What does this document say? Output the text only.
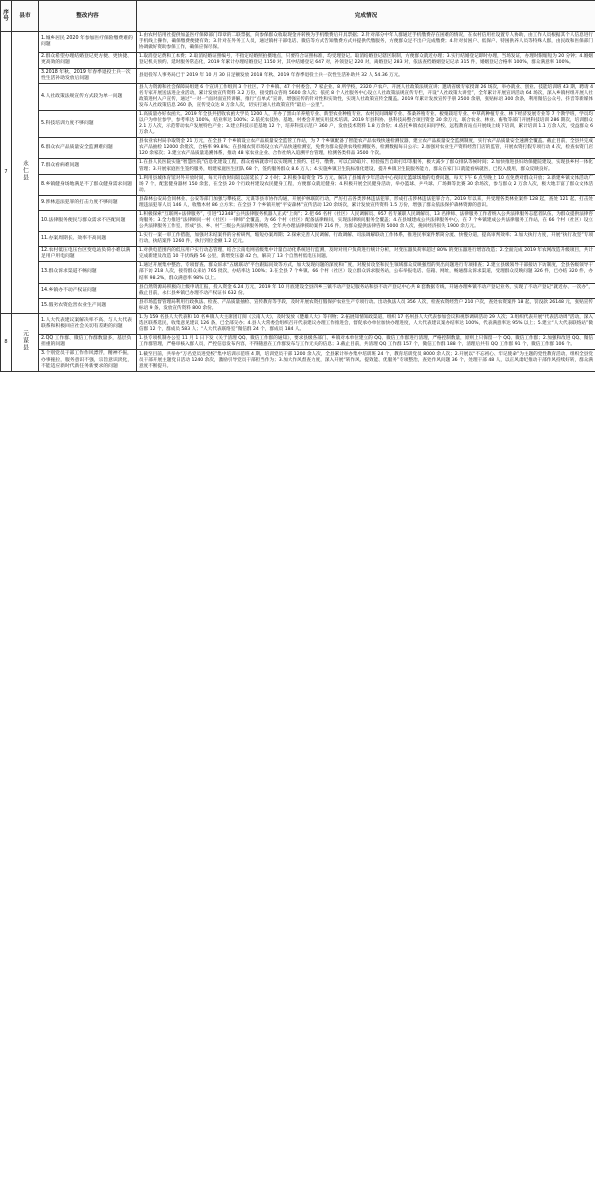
序号	县市	整改内容	完成情况
7	永仁县	1.城乡居民 2020 年参加医疗保险缴费难的问题	1.由农村信用社提供加盖医疗保障部门印章的二联票据，向参保群众收取现金并转换为手机缴费后开具票据；2.针对部分中年人群通过手机缴费存在困难的情况，在农村信用社设置专人协助，由工作人员根据其个人信息进行手机线上操作，确保缴费便捷有效；3.针对在外务工人员，通过镇村干部电话、微信等方式告知缴费方式并提供代缴服务，方便群众足不出户完成缴费；4.针对贫困户、低保户、特困供养人员等特殊人群，由民政和医保部门协调做好资助参保工作，确保应保尽保。
		2.群众希望办理结婚登记更方便、更快捷、更高效的问题	1.取消登记费和工本费；2.取消结婚证照编号，不指定结婚照拍摄地点，只要符合证照标准，均受理登记。取消结婚登记辖区限制，方便群众就近办理；3.实行结婚登记即时办理，当场发证，办理时限缩短为 20 分钟；4.婚姻登记机关预约、延时服务常态化，2019 年累计办理结婚登记 1150 对，其中结婚登记 647 对，补领登记 220 对，离婚登记 283 对，依法查档婚姻登记记录 315 件，婚姻登记合格率 100%，群众满意率 100%。
		3.2018 年秋、2019 年春季退役士兵一次性生活补助发放后问题	县退役军人事务局已于 2019 年 10 月 30 日足额发放 2018 年秋、2019 年春季退役士兵一次性生活补助共 32 人 54.36 万元。
		4.人社政策法规宣传方式较为单一问题	县人力资源和社会保障局组建 6 个宣讲工作组到 3 个社区、7 个乡镇、47 个村委会、7 家企业、8 所学校，2320 户农户、开展人社政策法规宣讲；邀请省级专家授课 26 场次，举办就业、创业、技能培训班 43 期，聘请 4 名专家开展送法进企业活动，累计发放宣传资料 3.2 万份，接受群众咨询 5600 余人次；依托 8 个人社服务中心设立人社政策法规宣传专栏，开设“人社政策大讲堂”，全年累计开展宣讲活动 64 场次，深入乡镇村组开展人社政策进村入户宣传，通过“一对一”面对面宣传讲解，推行“点单式”宣讲，增强宣传的针对性和实效性，实现人社政策宣传全覆盖。2019 年累计发放宣传手册 2500 余册，张贴标语 300 余条，利用微信公众号、抖音等新媒体发布人社政策信息 260 条，宣传受众达 8 万余人次，切实打通人社政策宣传“最后一公里”。
		5.科技培训力度不够问题	1.高质量办好农函大。2019 年全县共招收农函大学员 1200 人，开办了黑山羊养殖专业、新型农业种植专业、农村民间调解专业、茶桑养殖专业、板栗栽培专业、中草药种植专业、林下经济发展专业等 7 个教学班，学员均以户为单位参学，参考率达 100%，结业率达 100%；2.依托农技协、基地，村委会开展实用技术培训。2019 年县科协、县科技局整合项目资金 30 余万元，联合农业、林业、畜牧等部门开展科技培训 286 期次，培训群众 2.1 万人次，示范带动农户发展特色产业；3.建立科技示范基地 12 个，培养科技示范户 360 户，发放技术资料 1.8 万余份；4.依托乡镇农民田间学校、远程教育站点开展线上线下培训，累计培训 1.1 万余人次，受益群众 6 万余人。
		6.群众农产品质量安全监测难问题	县农业农村局争取资金 21 万元，在全县 7 个乡镇设立农产品质量安全监管工作站，为 7 个乡镇配备了智能农产品农残快速检测仪器，建立农产品质量安全监测制度，实行农产品质量安全速测全覆盖。截止目前，全县共完成农产品抽检 12000 余批次，合格率 99.8%；在县城农贸市场设立农产品快速检测室，免费为群众提供农残检测服务，检测数据每日公示；2.加强对农业生产资料经营门店的监管，开展农资打假专项行动 4 次，检查农资门店 120 余家次；3.建立农产品质量追溯体系，推动 48 家农业企业、合作社纳入追溯平台管理，检测各类样品 3500 个次。
		7.群众看病难问题	1.在县人民医院实施“智慧医院”信息化建设工程，群众看病就诊可以实现网上预约、挂号、缴费、可以自助取片、检验报告自助打印等服务，极大减少了群众排队等候时间；2.加快推进县妇幼保健院建设，实现县乡村一体化管理；3.开展家庭医生签约服务，组建家庭医生团队 68 个，签约服务群众 8.6 万人；4.实施乡镇卫生院标准化建设，提升乡镇卫生院服务能力，群众在家门口就能看病就医，已投入使用，群众反映良好。
		8.乡镇健身场地满足不了群众健身需求问题	1.利用县城体育馆对外开放时间，每天开放时间较以前延长了 2 小时；2.积极争取资金 75 万元，解决了县城青少年活动中心夜间无篮球场地的电费问题，每天下午 6 点至晚上 10 点免费对群众开放；3.新建乡镇文体活动广场 7 个，配套健身器材 150 余套，在全县 20 个行政村建设农民健身工程，方便群众就近健身；4.积极开展全民健身活动，举办篮球、乒乓球、广场舞等比赛 30 余场次，参与群众 2 万余人次，极大地丰富了群众文体活动。
		9.涉林违法犯罪的打击力度不够问题	县森林公安局会同林业、公安等部门加强与攀枝花、元谋等县市协作沟通，开展护林联防行动，严厉打击各类涉林违法犯罪，形成打击涉林违法犯罪合力。2019 年以来，共受理各类林业案件 128 起，查处 121 起，打击处理违法犯罪人员 146 人，收缴木材 86 立方米；在全县 7 个乡镇开展“平安森林”宣传活动 120 余场次，累计发放宣传资料 1.5 万份，增强了群众依法保护森林资源的意识。
		10.法律服务便民与群众需求不匹配问题	1.积极探索“互联网+法律服务”，引进“12348”公共法律服务机器人正式“上岗”；2.把 66 名村（社区）人民调解员、957 名专兼职人民调解员、13 名律师、法律服务工作者纳入公共法律服务志愿者队伍，为群众提供法律咨询服务；3.全力推进“法律顾问一村（社区）一律师”全覆盖，为 66 个村（社区）配备法律顾问，实现法律顾问服务全覆盖；4.在县城建成公共法律服务中心，在 7 个乡镇建成公共法律服务工作站，在 66 个村（社区）设立公共法律服务工作室，形成“县、乡、村”三级公共法律服务网络，全年共办理法律援助案件 216 件，为群众提供法律咨询 5000 余人次，挽回经济损失 1900 余万元。
		11.办案周期长、效率不高问题	1.实行一案一审工作措施，加强对未结案件的分析研判，缩短办案周期；2.探索完善人民调解、行政调解、司法调解联动工作体系，推进民事案件繁简分流、快慢分道，提高审判效率；3.加大执行力度，开展“执行攻坚”专项行动，执结案件 1260 件，执行到位金额 1.2 亿元。
		12.农村低压电压台区变电站负荷小难以满足用户用电问题	1.对供电范围内的低压用户实行动态管理，结合云南电网省级集中计量自动化系统进行监测，及时对用户负荷进行统计分析，对变压器负荷率超过 80% 的变压器进行增容改造；2.全面完成 2019 年农网改造升级项目，共计完成新建及改造 10 千伏线路 56 公里，新增变压器 42 台，解决了 13 个自然村低电压问题。
		13.群众诉求渠道不畅问题	1.通过开展集中整治、专项督查、群众诉求“五级联动”平台跟踪问效等方式，加大发现问题的深度和广度，对脱贫攻坚和民生领域群众反映强烈的突出问题进行专项排查；2.建立县级领导干部接访下访制度，全县各级领导干部下访 218 人次，接待群众来访 765 批次，办结率达 100%；3.在全县 7 个乡镇、66 个村（社区）设立群众诉求服务站，公布举报电话、信箱、网址，畅通群众诉求渠道，受理群众反映问题 326 件，已办结 320 件，办结率 98.2%，群众满意率 98% 以上。
		14.乡镇办不动产权证问题	县自然资源局积极向上级申请汇报，投入资金 6.24 万元，2019 年 10 月底建设全县四乡三镇不动产登记服务站和县不动产登记中心共 8 套数据专线，开通办理乡镇不动产登记业务，实现了不动产登记“就近办、一次办”，截止目前，永仁县乡镇已办理不动产权证书 632 份。
		15.假劣农资危害农业生产问题	县市场监督管理局利用行政执法、检查、产品质量抽检、宣传教育等手段，及时开展农资打假保护农业生产专项行动。出动执法人员 356 人次，检查农资经营户 210 户次，查处农资案件 18 起，罚没款 26148 元，张贴宣传标语 9 条，发放宣传资料 800 余份。
8	元谋县	1.人大代表建议案解决率不高、与人大代表联系和积极回应社会关切有差距的问题	1.为 159 名县人大代表和 10 名乡镇人大主席团订阅《云南人大》，及时发放《楚雄人大》等刊物；2.拓展知情知政渠道，组织 17 名州县人大代表参加会议和视察调研活动 29 人次；3.组织代表开展“代表活动周”活动，深入选区联系选民，收集意见建议 126 条，已全部交办；4.县人大常委会组织召开代表建议办理工作推进会，督促承办单位加快办理进度，人大代表建议案办结率达 100%，代表满意率达 95% 以上；5.建立“人大代表联络站”微信群 12 个，群成员 583 人；“人大代表联络室”微信群 24 个，群成员 184 人。
		2.QQ 工作群、微信工作群数量多，基层负担重的问题	1.县专项机制办公室 11 月 1 日下发《关于清理 QQ、微信工作群的通知》，要求县级各部门、乡镇对本单位建立的 QQ、微信工作群进行清理，严格控制数量，原则上只保留一个 QQ、微信工作群；2.加强和改进 QQ、微信工作群管理，严格审核入群人员，严控信息发布内容，不得随意在工作群发布与工作无关的信息；3.截止目前，共清理 QQ 工作群 157 个，微信工作群 188 个，清理后共有 QQ 工作群 91 个，微信工作群 106 个。
		3.个别党员干部工作作风漂浮，精神不振，办事拖拉，服务意识不强，宗旨意识淡化，不能适应新时代新任务新要求的问题	1.截至目前，共举办“万名党员进党校”集中培训示范班 4 期，培训党员干部 1200 余人次，全县累计举办集中培训班 24 个，教育培训党员 8000 余人次；2.开展以“不忘初心、牢记使命”为主题的党性教育活动，组织全县党员干部开展主题党日活动 1240 余次，激励引导党员干部担当作为；3.加大作风督查力度，深入开展“转作风、提效能、优服务”专项整治，查处作风问题 36 个，处理干部 48 人，以正风肃纪推动干部作风持续好转，群众满意度不断提升。
